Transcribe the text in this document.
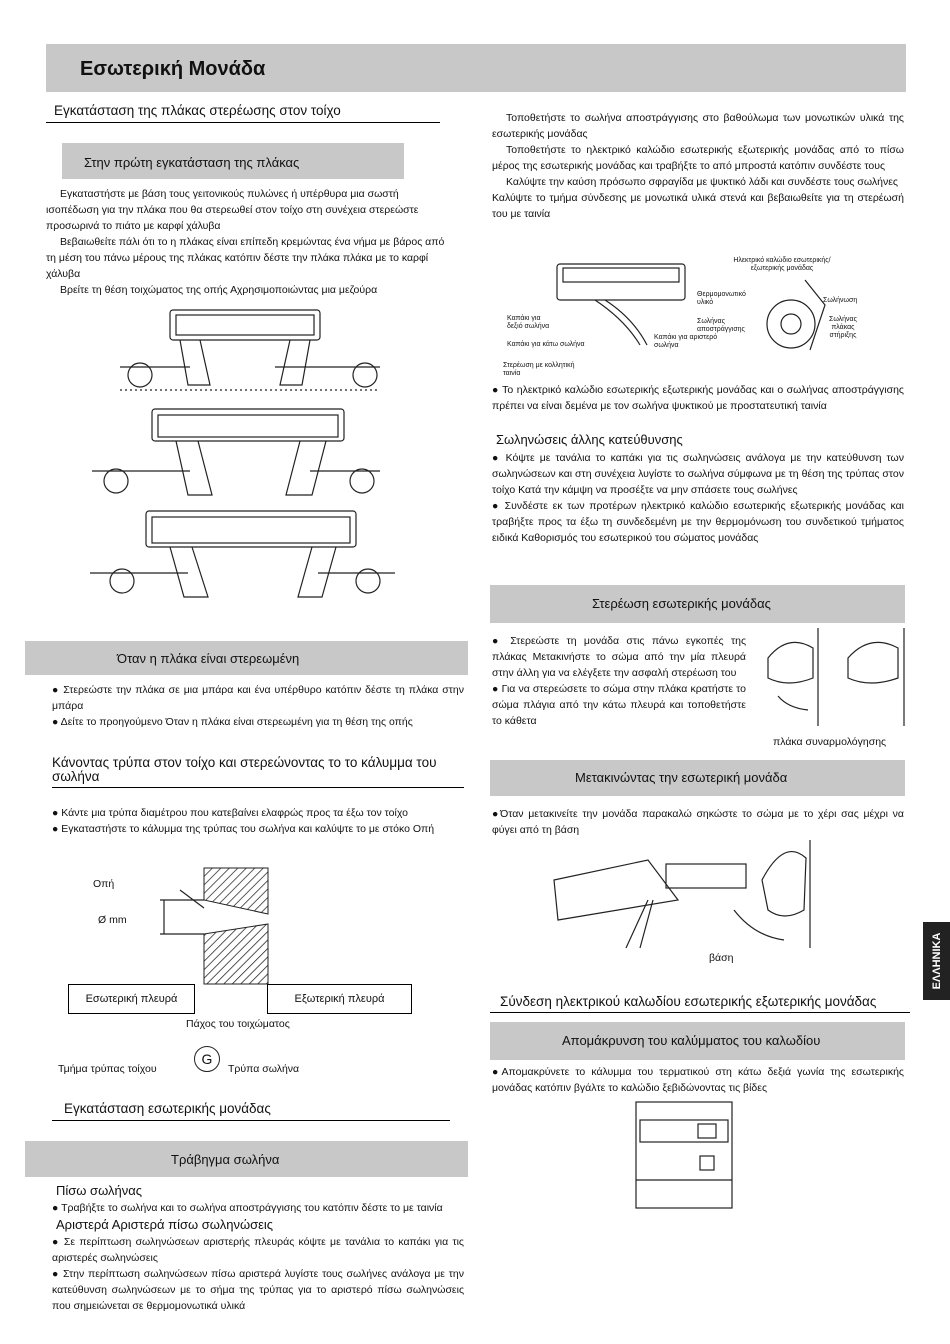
Εσωτερική Μονάδα
Εγκατάσταση της πλάκας στερέωσης στον τοίχο
Στην πρώτη εγκατάσταση της πλάκας
Εγκαταστήστε με βάση τους γειτονικούς πυλώνες ή υπέρθυρα μια σωστή ισοπέδωση για την πλάκα που θα στερεωθεί στον τοίχο στη συνέχεια στερεώστε προσωρινά το πιάτο με καρφί χάλυβα
Βεβαιωθείτε πάλι ότι το η πλάκας είναι επίπεδη κρεμώντας ένα νήμα με βάρος από τη μέση του πάνω μέρους της πλάκας κατόπιν δέστε την πλάκα πλάκα με το καρφί χάλυβα
Βρείτε τη θέση τοιχώματος της οπής Αχρησιμοποιώντας μια μεζούρα
Όταν η πλάκα είναι στερεωμένη
● Στερεώστε την πλάκα σε μια μπάρα και ένα υπέρθυρο κατόπιν δέστε τη πλάκα στην μπάρα
● Δείτε το προηγούμενο Όταν η πλάκα είναι στερεωμένη για τη θέση της οπής
Κάνοντας τρύπα στον τοίχο και στερεώνοντας το το κάλυμμα του σωλήνα
● Κάντε μια τρύπα διαμέτρου που κατεβαίνει ελαφρώς προς τα έξω τον τοίχο
● Εγκαταστήστε το κάλυμμα της τρύπας του σωλήνα και καλύψτε το με στόκο Οπή
Οπή
Ø mm
Εσωτερική πλευρά	Εξωτερική πλευρά
Πάχος του τοιχώματος
Τμήμα τρύπας τοίχου
G
Τρύπα σωλήνα
Εγκατάσταση εσωτερικής μονάδας
Τράβηγμα σωλήνα
Πίσω σωλήνας
● Τραβήξτε το σωλήνα και το σωλήνα αποστράγγισης του κατόπιν δέστε το με ταινία
Αριστερά Αριστερά πίσω σωληνώσεις
● Σε περίπτωση σωληνώσεων αριστερής πλευράς κόψτε με τανάλια το καπάκι για τις αριστερές σωληνώσεις
● Στην περίπτωση σωληνώσεων πίσω αριστερά λυγίστε τους σωλήνες ανάλογα με την κατεύθυνση σωληνώσεων με το σήμα της τρύπας για το αριστερό πίσω σωληνώσεις που σημειώνεται σε θερμομονωτικά υλικά
Τοποθετήστε το σωλήνα αποστράγγισης στο βαθούλωμα των μονωτικών υλικά της εσωτερικής μονάδας
Τοποθετήστε το ηλεκτρικό καλώδιο εσωτερικής εξωτερικής μονάδας από το πίσω μέρος της εσωτερικής μονάδας και τραβήξτε το από μπροστά κατόπιν συνδέστε τους
Καλύψτε την καύση πρόσωπο σφραγίδα με ψυκτικό λάδι και συνδέστε τους σωλήνες
Καλύψτε το τμήμα σύνδεσης με μονωτικά υλικά στενά και βεβαιωθείτε για τη στερέωσή του με ταινία
Ηλεκτρικό καλώδιο εσωτερικής/ εξωτερικής μονάδας
Θερμομονωτικό υλικό	Σωλήνωση
Σωλήνας πλάκας στήριξης
Καπάκι για δεξιό σωλήνα
Καπάκι για κάτω σωλήνα
Σωλήνας αποστράγγισης
Καπάκι για αριστερό σωλήνα
Στερέωση με κολλητική ταινία
● Το ηλεκτρικό καλώδιο εσωτερικής εξωτερικής μονάδας και ο σωλήνας αποστράγγισης πρέπει να είναι δεμένα με τον σωλήνα ψυκτικού με προστατευτική ταινία
Σωληνώσεις άλλης κατεύθυνσης
● Κόψτε με τανάλια το καπάκι για τις σωληνώσεις ανάλογα με την κατεύθυνση των σωληνώσεων και στη συνέχεια λυγίστε το σωλήνα σύμφωνα με τη θέση της τρύπας στον τοίχο Κατά την κάμψη να προσέξτε να μην σπάσετε τους σωλήνες
● Συνδέστε εκ των προτέρων ηλεκτρικό καλώδιο εσωτερικής εξωτερικής μονάδας και τραβήξτε προς τα έξω τη συνδεδεμένη με την θερμομόνωση του συνδετικού τμήματος ειδικά Καθορισμός του εσωτερικού του σώματος μονάδας
Στερέωση εσωτερικής μονάδας
● Στερεώστε τη μονάδα στις πάνω εγκοπές της πλάκας Μετακινήστε το σώμα από την μία πλευρά στην άλλη για να ελέγξετε την ασφαλή στερέωση του
● Για να στερεώσετε το σώμα στην πλάκα κρατήστε το σώμα πλάγια από την κάτω πλευρά και τοποθετήστε το κάθετα
πλάκα συναρμολόγησης
Μετακινώντας την εσωτερική μονάδα
●Όταν μετακινείτε την μονάδα παρακαλώ σηκώστε το σώμα με το χέρι σας μέχρι να φύγει από τη βάση
βάση
Σύνδεση ηλεκτρικού καλωδίου εσωτερικής εξωτερικής μονάδας
Απομάκρυνση του καλύμματος του καλωδίου
●Απομακρύνετε το κάλυμμα του τερματικού στη κάτω δεξιά γωνία της εσωτερικής μονάδας κατόπιν βγάλτε το καλώδιο ξεβιδώνοντας τις βίδες
ΕΛΛΗΝΙΚΑ
